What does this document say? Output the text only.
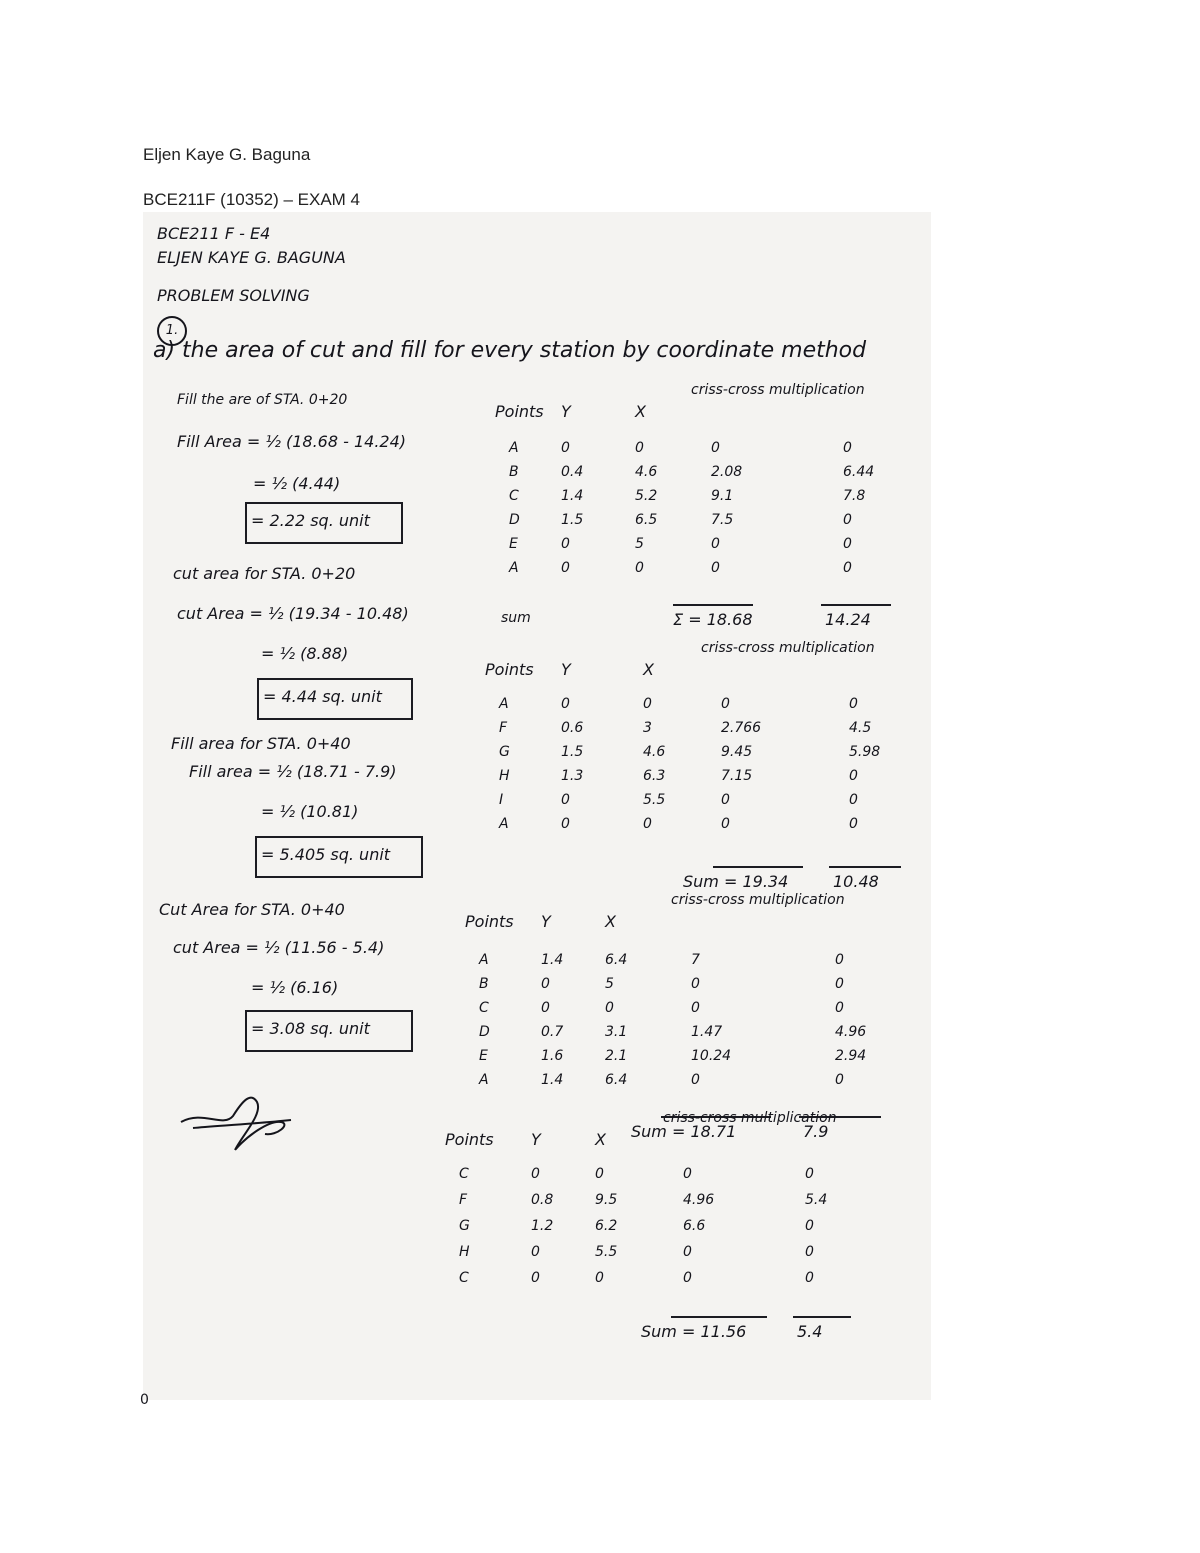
Eljen Kaye G. Baguna
BCE211F (10352) – EXAM 4
BCE211 F - E4
ELJEN KAYE G. BAGUNA
PROBLEM SOLVING
1.
a) the area of cut and fill for every station by coordinate method
Fill the are of STA. 0+20
Fill Area = ½ (18.68 - 14.24)
= ½ (4.44)
= 2.22 sq. unit
cut area for STA. 0+20
cut Area = ½ (19.34 - 10.48)
= ½ (8.88)
= 4.44 sq. unit
Fill area for STA. 0+40
Fill area = ½ (18.71 - 7.9)
= ½ (10.81)
= 5.405 sq. unit
Cut Area for STA. 0+40
cut Area = ½ (11.56 - 5.4)
= ½ (6.16)
= 3.08 sq. unit
Points Y	X
criss-cross multiplication
A	0	0	0	0
B	0.4	4.6	2.08	6.44
C	1.4	5.2	9.1	7.8
D	1.5	6.5	7.5	0
E	0	5	0	0
A	0	0	0	0
sum	Σ = 18.68	14.24
Points Y	X
criss-cross multiplication
A	0	0	0	0
F	0.6	3	2.766	4.5
G	1.5	4.6	9.45	5.98
H	1.3	6.3	7.15	0
I	0	5.5	0	0
A	0	0	0	0
Sum = 19.34	10.48
Points Y	X
criss-cross multiplication
A	1.4	6.4	7	0
B	0	5	0	0
C	0	0	0	0
D	0.7	3.1	1.47	4.96
E	1.6	2.1	10.24	2.94
A	1.4	6.4	0	0
Sum = 18.71	7.9
Points Y	X
criss-cross multiplication
C	0	0	0	0
F	0.8	9.5	4.96	5.4
G	1.2	6.2	6.6	0
H	0	5.5	0	0
C	0	0	0	0
Sum = 11.56	5.4
0
